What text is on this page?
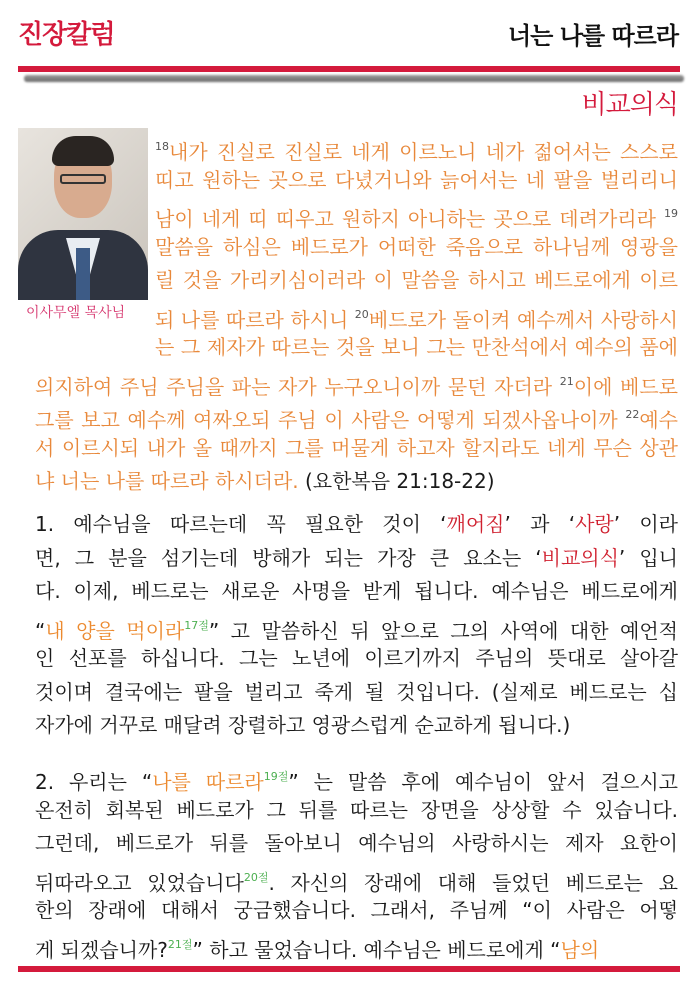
진장칼럼	너는 나를 따르라
비교의식
이사무엘 목사님
$^{18}$내가 진실로 진실로 네게 이르노니 네가 젊어서는 스스로
띠고 원하는 곳으로 다녔거니와 늙어서는 네 팔을 벌리리니
남이 네게 띠 띠우고 원하지 아니하는 곳으로 데려가리라 $^{19}$
말씀을 하심은 베드로가 어떠한 죽음으로 하나님께 영광을
릴 것을 가리키심이러라 이 말씀을 하시고 베드로에게 이르
되 나를 따르라 하시니 $^{20}$베드로가 돌이켜 예수께서 사랑하시
는 그 제자가 따르는 것을 보니 그는 만찬석에서 예수의 품에
의지하여 주님 주님을 파는 자가 누구오니이까 묻던 자더라 $^{21}$이에 베드로
그를 보고 예수께 여짜오되 주님 이 사람은 어떻게 되겠사옵나이까 $^{22}$예수
서 이르시되 내가 올 때까지 그를 머물게 하고자 할지라도 네게 무슨 상관
냐 너는 나를 따르라 하시더라. (요한복음 21:18-22)
1. 예수님을 따르는데 꼭 필요한 것이 ‘깨어짐’ 과 ‘사랑’ 이라
면, 그 분을 섬기는데 방해가 되는 가장 큰 요소는 ‘비교의식’ 입니
다. 이제, 베드로는 새로운 사명을 받게 됩니다. 예수님은 베드로에게
“내 양을 먹이라$^{17절}$” 고 말씀하신 뒤 앞으로 그의 사역에 대한 예언적
인 선포를 하십니다. 그는 노년에 이르기까지 주님의 뜻대로 살아갈
것이며 결국에는 팔을 벌리고 죽게 될 것입니다. (실제로 베드로는 십
자가에 거꾸로 매달려 장렬하고 영광스럽게 순교하게 됩니다.)
2. 우리는 “나를 따르라$^{19절}$” 는 말씀 후에 예수님이 앞서 걸으시고
온전히 회복된 베드로가 그 뒤를 따르는 장면을 상상할 수 있습니다.
그런데, 베드로가 뒤를 돌아보니 예수님의 사랑하시는 제자 요한이
뒤따라오고 있었습니다$^{20절}$. 자신의 장래에 대해 들었던 베드로는 요
한의 장래에 대해서 궁금했습니다. 그래서, 주님께 “이 사람은 어떻
게 되겠습니까?$^{21절}$” 하고 물었습니다. 예수님은 베드로에게 “남의
